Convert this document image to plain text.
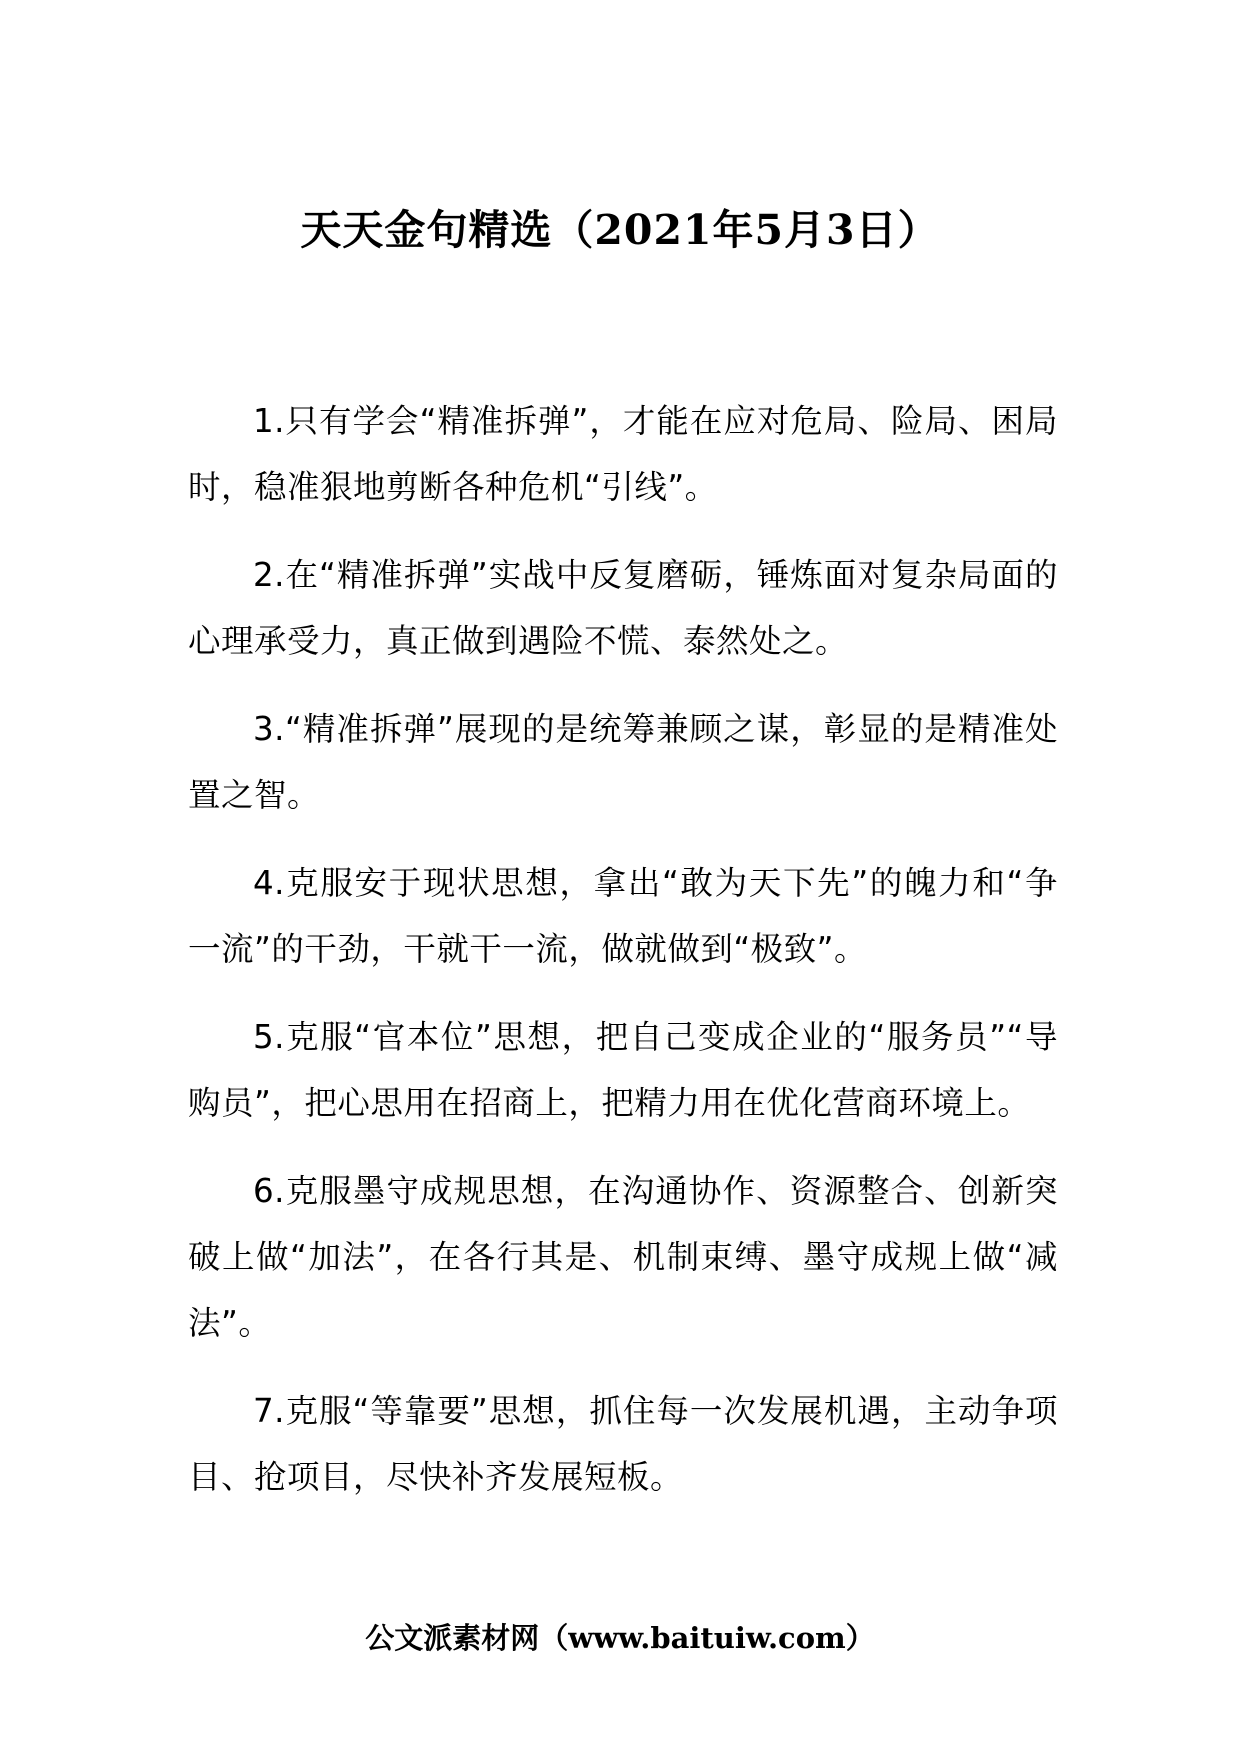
天天金句精选（2021年5月3日）

1.只有学会“精准拆弹”，才能在应对危局、险局、困局时，稳准狠地剪断各种危机“引线”。

2.在“精准拆弹”实战中反复磨砺，锤炼面对复杂局面的心理承受力，真正做到遇险不慌、泰然处之。

3.“精准拆弹”展现的是统筹兼顾之谋，彰显的是精准处置之智。

4.克服安于现状思想，拿出“敢为天下先”的魄力和“争一流”的干劲，干就干一流，做就做到“极致”。

5.克服“官本位”思想，把自己变成企业的“服务员”“导购员”，把心思用在招商上，把精力用在优化营商环境上。

6.克服墨守成规思想，在沟通协作、资源整合、创新突破上做“加法”，在各行其是、机制束缚、墨守成规上做“减法”。

7.克服“等靠要”思想，抓住每一次发展机遇，主动争项目、抢项目，尽快补齐发展短板。

公文派素材网（www.baituiw.com）
